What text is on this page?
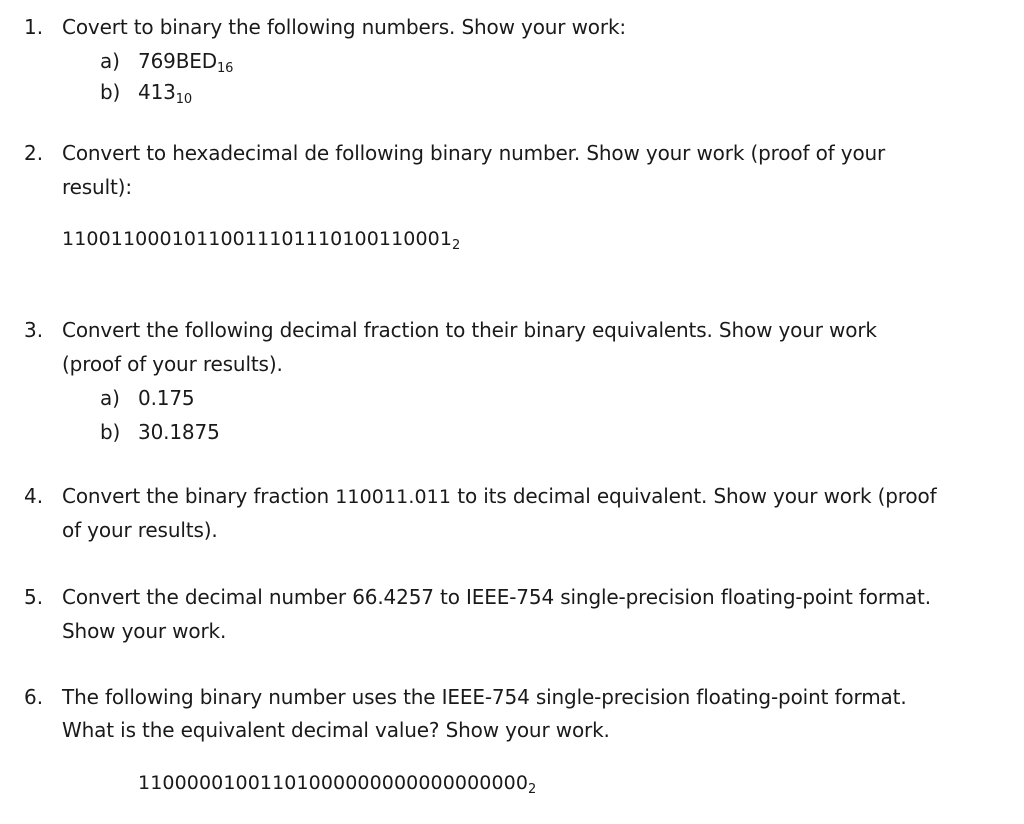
1. Covert to binary the following numbers. Show your work:
a) $769BED_{16}$
b) $413_{10}$
2. Convert to hexadecimal de following binary number. Show your work (proof of your
result):
$11001100010110011101110100110001_2$
3. Convert the following decimal fraction to their binary equivalents. Show your work
(proof of your results).
a) 0.175
b) 30.1875
4. Convert the binary fraction 110011.011 to its decimal equivalent. Show your work (proof
of your results).
5. Convert the decimal number 66.4257 to IEEE-754 single-precision floating-point format.
Show your work.
6. The following binary number uses the IEEE-754 single-precision floating-point format.
What is the equivalent decimal value? Show your work.
$11000001001101000000000000000000_2$
